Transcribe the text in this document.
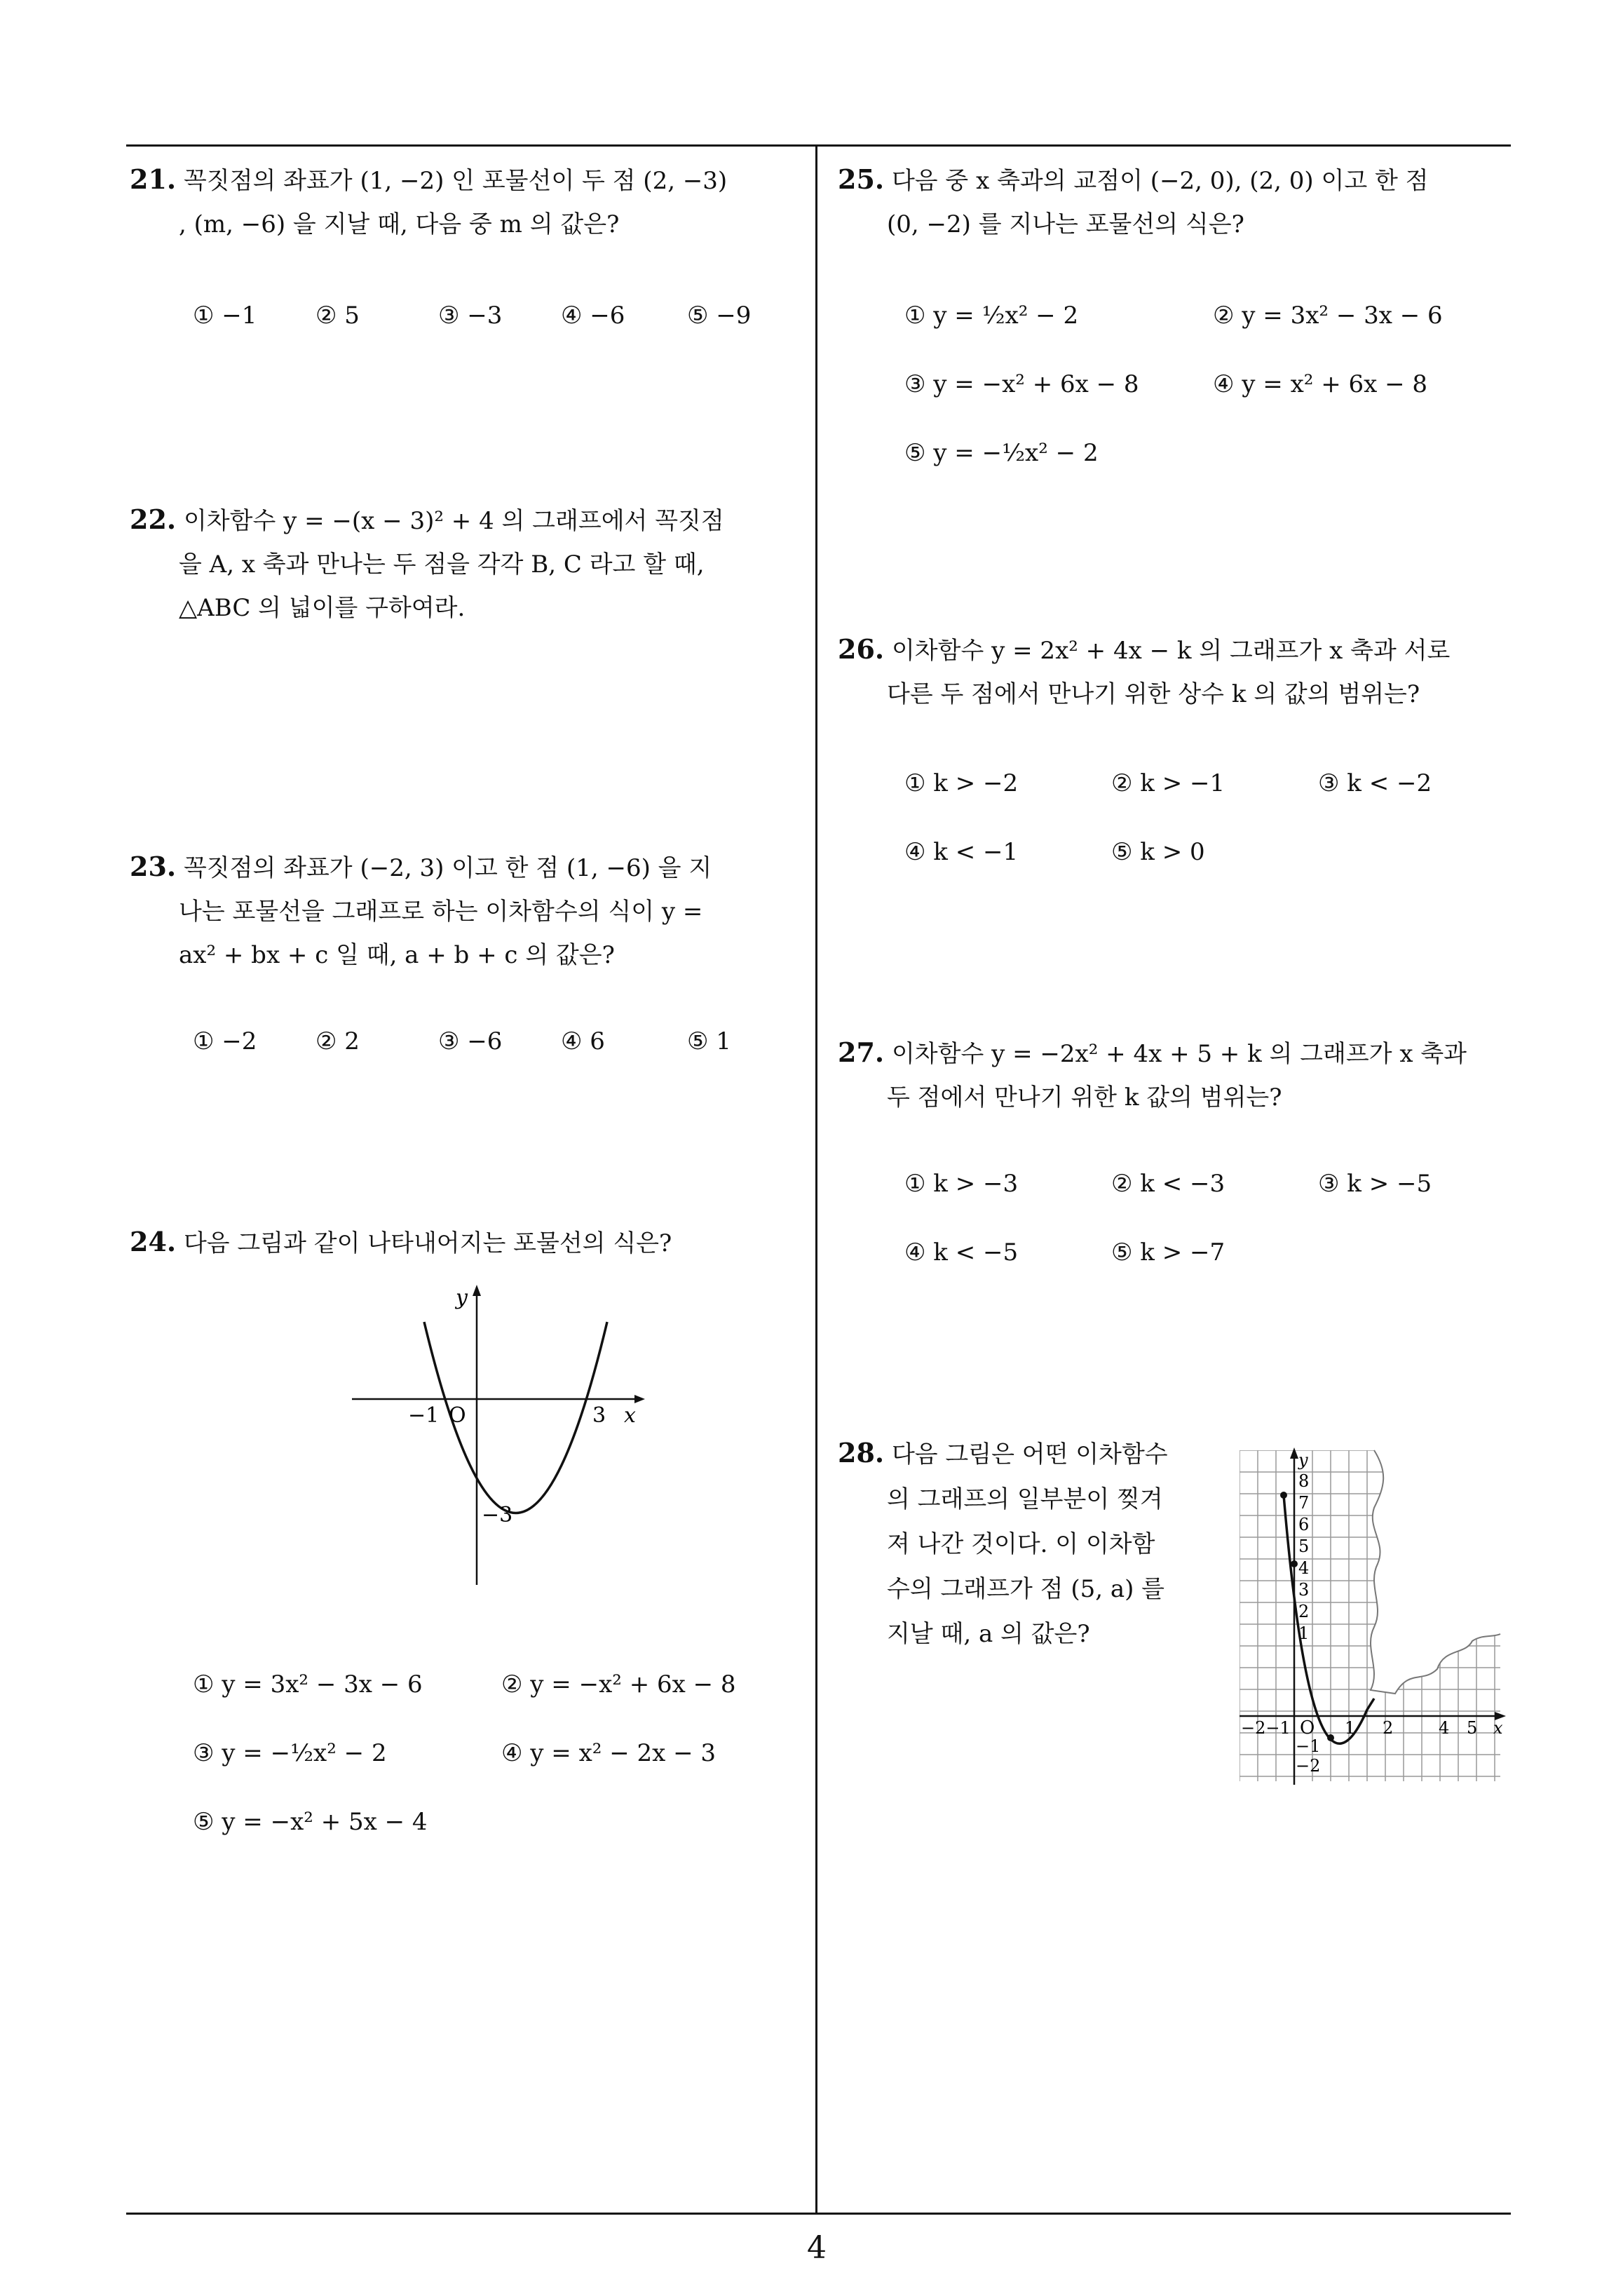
4
21. 꼭짓점의 좌표가 (1, −2) 인 포물선이 두 점 (2, −3)
, (m, −6) 을 지날 때, 다음 중 m 의 값은?
① −1 ② 5	③ −3 ④ −6	⑤ −9
22. 이차함수 y = −(x − 3)² + 4 의 그래프에서 꼭짓점
을 A, x 축과 만나는 두 점을 각각 B, C 라고 할 때,
△ABC 의 넓이를 구하여라.
23. 꼭짓점의 좌표가 (−2, 3) 이고 한 점 (1, −6) 을 지
나는 포물선을 그래프로 하는 이차함수의 식이 y =
ax² + bx + c 일 때, a + b + c 의 값은?
① −2 ② 2	③ −6 ④ 6	⑤ 1
24. 다음 그림과 같이 나타내어지는 포물선의 식은?
y
x
O
−1	3
−3
① y = 3x² − 3x − 6	② y = −x² + 6x − 8
③ y = −½x² − 2	④ y = x² − 2x − 3
⑤ y = −x² + 5x − 4
25. 다음 중 x 축과의 교점이 (−2, 0), (2, 0) 이고 한 점
(0, −2) 를 지나는 포물선의 식은?
① y = ½x² − 2	② y = 3x² − 3x − 6
③ y = −x² + 6x − 8	④ y = x² + 6x − 8
⑤ y = −½x² − 2
26. 이차함수 y = 2x² + 4x − k 의 그래프가 x 축과 서로
다른 두 점에서 만나기 위한 상수 k 의 값의 범위는?
① k > −2	② k > −1	③ k < −2
④ k < −1	⑤ k > 0
27. 이차함수 y = −2x² + 4x + 5 + k 의 그래프가 x 축과
두 점에서 만나기 위한 k 값의 범위는?
① k > −3	② k < −3	③ k > −5
④ k < −5	⑤ k > −7
28. 다음 그림은 어떤 이차함수
의 그래프의 일부분이 찢겨
져 나간 것이다. 이 이차함
수의 그래프가 점 (5, a) 를
지날 때, a 의 값은?
y
x
O
8
7
6
5
4
3
2
1
−1
−2
−2−1	1 2	4 5
